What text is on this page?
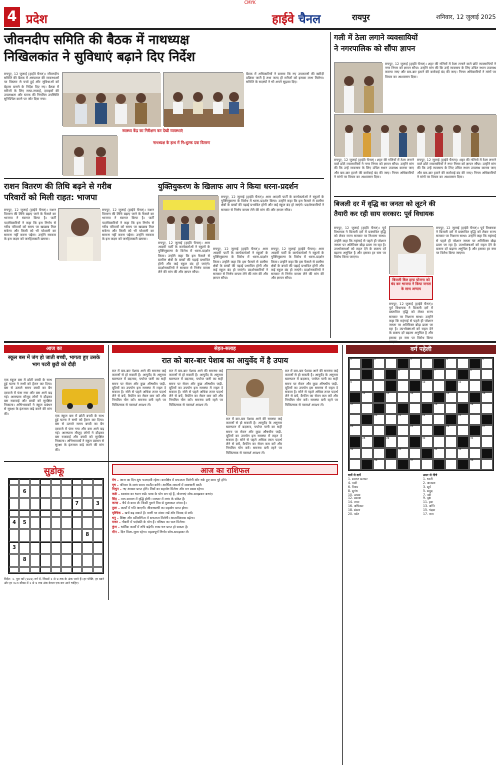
CMYK
4 प्रदेश	हाईवे चैनल	रायपुर	शनिवार, 12 जुलाई 2025
जीवनदीप समिति की बैठक में नाथध्यक्ष
निखिलकांत ने सुविधाएं बढ़ाने दिए निर्देश
रायपुर, 12 जुलाई (हाईवे चैनल)। जीवनदीप समिति की बैठक में अस्पताल की व्यवस्थाओं पर विस्तार से चर्चा हुई और सुविधाओं को बेहतर बनाने के निर्देश दिए गए। बैठक में मरीजों के लिए साफ-सफाई, दवाइयों की उपलब्धता और स्टाफ की नियमित उपस्थिति सुनिश्चित करने पर जोर दिया गया।
बैठक में अधिकारियों ने बताया कि नए उपकरणों की खरीदी प्रक्रिया जारी है तथा जल्द ही मरीजों को इसका लाभ मिलेगा। समिति के सदस्यों ने भी अपने सुझाव दिए।
स्वास्थ्य केंद्र का निरीक्षण कर देखी व्यवस्थाएं
नाथध्यक्ष के हाथ में नि:शुल्क दवा वितरण
राशन वितरण की तिथि बढ़ने से गरीब
परिवारों को मिली राहत: भाजपा
रायपुर, 12 जुलाई (हाईवे चैनल)। राशन वितरण की तिथि बढ़ाए जाने के फैसले का भाजपा ने स्वागत किया है। पार्टी पदाधिकारियों ने कहा कि इस निर्णय से गरीब परिवारों को समय पर खाद्यान्न मिल सकेगा और किसी को भी परेशानी का सामना नहीं करना पड़ेगा। उन्होंने सरकार के इस कदम को जनहितकारी बताया।
रायपुर, 12 जुलाई (हाईवे चैनल)। राशन वितरण की तिथि बढ़ाए जाने के फैसले का भाजपा ने स्वागत किया है। पार्टी पदाधिकारियों ने कहा कि इस निर्णय से गरीब परिवारों को समय पर खाद्यान्न मिल सकेगा और किसी को भी परेशानी का सामना नहीं करना पड़ेगा। उन्होंने सरकार के इस कदम को जनहितकारी बताया।
युक्तियुकरण के खिलाफ आप ने किया धरना-प्रदर्शन
रायपुर, 12 जुलाई (हाईवे चैनल)। आम आदमी पार्टी के कार्यकर्ताओं ने स्कूलों के युक्तियुकरण के विरोध में धरना-प्रदर्शन किया। उन्होंने कहा कि इस फैसले से ग्रामीण क्षेत्रों के बच्चों की पढ़ाई प्रभावित होगी और कई स्कूल बंद हो जाएंगे। प्रदर्शनकारियों ने सरकार से निर्णय वापस लेने की मांग की और ज्ञापन सौंपा।
रायपुर, 12 जुलाई (हाईवे चैनल)। आम आदमी पार्टी के कार्यकर्ताओं ने स्कूलों के युक्तियुकरण के विरोध में धरना-प्रदर्शन किया। उन्होंने कहा कि इस फैसले से ग्रामीण क्षेत्रों के बच्चों की पढ़ाई प्रभावित होगी और कई स्कूल बंद हो जाएंगे। प्रदर्शनकारियों ने सरकार से निर्णय वापस लेने की मांग की और ज्ञापन सौंपा।
रायपुर, 12 जुलाई (हाईवे चैनल)। आम आदमी पार्टी के कार्यकर्ताओं ने स्कूलों के युक्तियुकरण के विरोध में धरना-प्रदर्शन किया। उन्होंने कहा कि इस फैसले से ग्रामीण क्षेत्रों के बच्चों की पढ़ाई प्रभावित होगी और कई स्कूल बंद हो जाएंगे। प्रदर्शनकारियों ने सरकार से निर्णय वापस लेने की मांग की और ज्ञापन सौंपा।
रायपुर, 12 जुलाई (हाईवे चैनल)। आम आदमी पार्टी के कार्यकर्ताओं ने स्कूलों के युक्तियुकरण के विरोध में धरना-प्रदर्शन किया। उन्होंने कहा कि इस फैसले से ग्रामीण क्षेत्रों के बच्चों की पढ़ाई प्रभावित होगी और कई स्कूल बंद हो जाएंगे। प्रदर्शनकारियों ने सरकार से निर्णय वापस लेने की मांग की और ज्ञापन सौंपा।
गली में ठेला लगाने व्यवसायियों
ने नगरपालिक को सौंपा ज्ञापन
रायपुर, 12 जुलाई (हाईवे चैनल)। शहर की गलियों में ठेला लगाने वाले छोटे व्यवसायियों ने नगर निगम को ज्ञापन सौंपा। उन्होंने मांग की कि उन्हें व्यवसाय के लिए उचित स्थान उपलब्ध कराया जाए और बार-बार हटाने की कार्रवाई बंद की जाए। निगम अधिकारियों ने मांगों पर विचार का आश्वासन दिया।
रायपुर, 12 जुलाई (हाईवे चैनल)। शहर की गलियों में ठेला लगाने वाले छोटे व्यवसायियों ने नगर निगम को ज्ञापन सौंपा। उन्होंने मांग की कि उन्हें व्यवसाय के लिए उचित स्थान उपलब्ध कराया जाए और बार-बार हटाने की कार्रवाई बंद की जाए। निगम अधिकारियों ने मांगों पर विचार का आश्वासन दिया।
रायपुर, 12 जुलाई (हाईवे चैनल)। शहर की गलियों में ठेला लगाने वाले छोटे व्यवसायियों ने नगर निगम को ज्ञापन सौंपा। उन्होंने मांग की कि उन्हें व्यवसाय के लिए उचित स्थान उपलब्ध कराया जाए और बार-बार हटाने की कार्रवाई बंद की जाए। निगम अधिकारियों ने मांगों पर विचार का आश्वासन दिया।
बिजली दर में वृद्धि का जनता को लूटने की
तैयारी कर रही साय सरकार: पूर्व विधायक
रायपुर, 12 जुलाई (हाईवे चैनल)। पूर्व विधायक ने बिजली दरों में प्रस्तावित वृद्धि को लेकर राज्य सरकार पर निशाना साधा। उन्होंने कहा कि महंगाई से पहले ही परेशान जनता पर अतिरिक्त बोझ डाला जा रहा है। उपभोक्ताओं को राहत देने के बजाय दरें बढ़ाना अनुचित है और इसका हर स्तर पर विरोध किया जाएगा।
रायपुर, 12 जुलाई (हाईवे चैनल)। पूर्व विधायक ने बिजली दरों में प्रस्तावित वृद्धि को लेकर राज्य सरकार पर निशाना साधा। उन्होंने कहा कि महंगाई से पहले ही परेशान जनता पर अतिरिक्त बोझ डाला जा रहा है। उपभोक्ताओं को राहत देने के बजाय दरें बढ़ाना अनुचित है और इसका हर स्तर पर विरोध किया जाएगा।
बिजली बिल हाफ योजना को बंद कर भाजपा ने किया जनता के साथ अन्याय
रायपुर, 12 जुलाई (हाईवे चैनल)। पूर्व विधायक ने बिजली दरों में प्रस्तावित वृद्धि को लेकर राज्य सरकार पर निशाना साधा। उन्होंने कहा कि महंगाई से पहले ही परेशान जनता पर अतिरिक्त बोझ डाला जा रहा है। उपभोक्ताओं को राहत देने के बजाय दरें बढ़ाना अनुचित है और इसका हर स्तर पर विरोध किया
आज का
स्कूल बस में जंग हो जाती बच्ची, भागता हुए उसके भाग पटरी छूटी को दौड़ी
एक स्कूल बस में छोटी बच्ची के साथ हुई घटना ने सभी को हैरान कर दिया। बस से उतरते समय बच्ची का बैग दरवाजे में फंस गया और बस आगे बढ़ गई। आसपास मौजूद लोगों ने दौड़कर बस रुकवाई और बच्ची को सुरक्षित निकाला। अभिभावकों ने स्कूल प्रबंधन से सुरक्षा के इंतजाम कड़े करने की मांग की।
एक स्कूल बस में छोटी बच्ची के साथ हुई घटना ने सभी को हैरान कर दिया। बस से उतरते समय बच्ची का बैग दरवाजे में फंस गया और बस आगे बढ़ गई। आसपास मौजूद लोगों ने दौड़कर बस रुकवाई और बच्ची को सुरक्षित निकाला। अभिभावकों ने स्कूल प्रबंधन से सुरक्षा के इंतजाम कड़े करने की मांग की।
सेहत-सलाह
रात को बार-बार पेशाब का आयुर्वेद में है उपाय
रात में बार-बार पेशाब आने की समस्या कई कारणों से हो सकती है। आयुर्वेद के अनुसार खानपान में बदलाव, पर्याप्त पानी का सही समय पर सेवन और कुछ औषधीय जड़ी-बूटियों का उपयोग इस समस्या में राहत दे सकता है। सोने से पहले अधिक तरल पदार्थ लेने से बचें, कैफीन का सेवन कम करें और नियमित योग करें। समस्या बनी रहने पर चिकित्सक से परामर्श अवश्य लें।
रात में बार-बार पेशाब आने की समस्या कई कारणों से हो सकती है। आयुर्वेद के अनुसार खानपान में बदलाव, पर्याप्त पानी का सही समय पर सेवन और कुछ औषधीय जड़ी-बूटियों का उपयोग इस समस्या में राहत दे सकता है। सोने से पहले अधिक तरल पदार्थ लेने से बचें, कैफीन का सेवन कम करें और नियमित योग करें। समस्या बनी रहने पर चिकित्सक से परामर्श अवश्य लें।
रात में बार-बार पेशाब आने की समस्या कई कारणों से हो सकती है। आयुर्वेद के अनुसार खानपान में बदलाव, पर्याप्त पानी का सही समय पर सेवन और कुछ औषधीय जड़ी-बूटियों का उपयोग इस समस्या में राहत दे सकता है। सोने से पहले अधिक तरल पदार्थ लेने से बचें, कैफीन का सेवन कम करें और नियमित योग करें। समस्या बनी रहने पर चिकित्सक से परामर्श अवश्य लें।
रात में बार-बार पेशाब आने की समस्या कई कारणों से हो सकती है। आयुर्वेद के अनुसार खानपान में बदलाव, पर्याप्त पानी का सही समय पर सेवन और कुछ औषधीय जड़ी-बूटियों का उपयोग इस समस्या में राहत दे सकता है। सोने से पहले अधिक तरल पदार्थ लेने से बचें, कैफीन का सेवन कम करें और नियमित योग करें। समस्या बनी रहने पर चिकित्सक से परामर्श अवश्य लें।
वर्ग पहेली
1	2	3	4	5
6	7	8
9	10	11
12	13	14	15	16
17	18	19
20	21	22	23
24	25	26	27
28	29	30	31
32	33	34	35
36	37	38
बायें से दायें
1. स्वागत सत्कार
4. पानी
6. नियम
8. सुगंध
10. उत्सव
12. प्रकाश
14. वचन
16. अधिकार
18. संसार
20. पर्वत
ऊपर से नीचे
1. धरती
2. आकाश
3. सूर्य
5. समुद्र
7. नदी
9. वृक्ष
11. हवा
13. अग्नि
15. चंद्रमा
17. तारा
सुडोकू
6
7	3
4	5
8
3
8
निर्देश: 1. पूरा करें (9x9) वर्ग में, जिसमें 1 से 9 तक के अंक भरने हैं। हर पंक्ति, हर खाने और हर 3x3 बॉक्स में 1 से 9 तक अंक केवल एक बार आने चाहिए।
आज का राशिफल
मेष – आज का दिन शुभ फलदायी रहेगा। कार्यक्षेत्र में सफलता मिलेगी और रुके हुए काम पूरे होंगे।
वृष – परिवार के साथ समय व्यतीत करेंगे। आर्थिक मामलों में सावधानी बरतें।
मिथुन – नए अवसर प्राप्त होंगे। मित्रों का सहयोग मिलेगा और मन प्रसन्न रहेगा।
कर्क – स्वास्थ्य का ध्यान रखें। यात्रा के योग बन रहे हैं, योजनाएं सोच-समझकर बनाएं।
सिंह – मान-सम्मान में वृद्धि होगी। व्यापार में लाभ के संकेत हैं।
कन्या – धैर्य से काम लें। किसी पुराने मित्र से मुलाकात संभव है।
तुला – कार्यों में गति आएगी। जीवनसाथी का सहयोग प्राप्त होगा।
वृश्चिक – खर्च बढ़ सकते हैं। वाणी पर संयम रखें और विवाद से बचें।
धनु – शिक्षा और प्रतियोगिता में सफलता मिलेगी। आत्मविश्वास बढ़ेगा।
मकर – नौकरी में पदोन्नति के योग हैं। परिश्रम का फल मिलेगा।
कुंभ – धार्मिक कार्यों में रुचि बढ़ेगी। रुका धन प्राप्त हो सकता है।
मीन – दिन मिला-जुला रहेगा। महत्वपूर्ण निर्णय सोच-समझकर लें।
